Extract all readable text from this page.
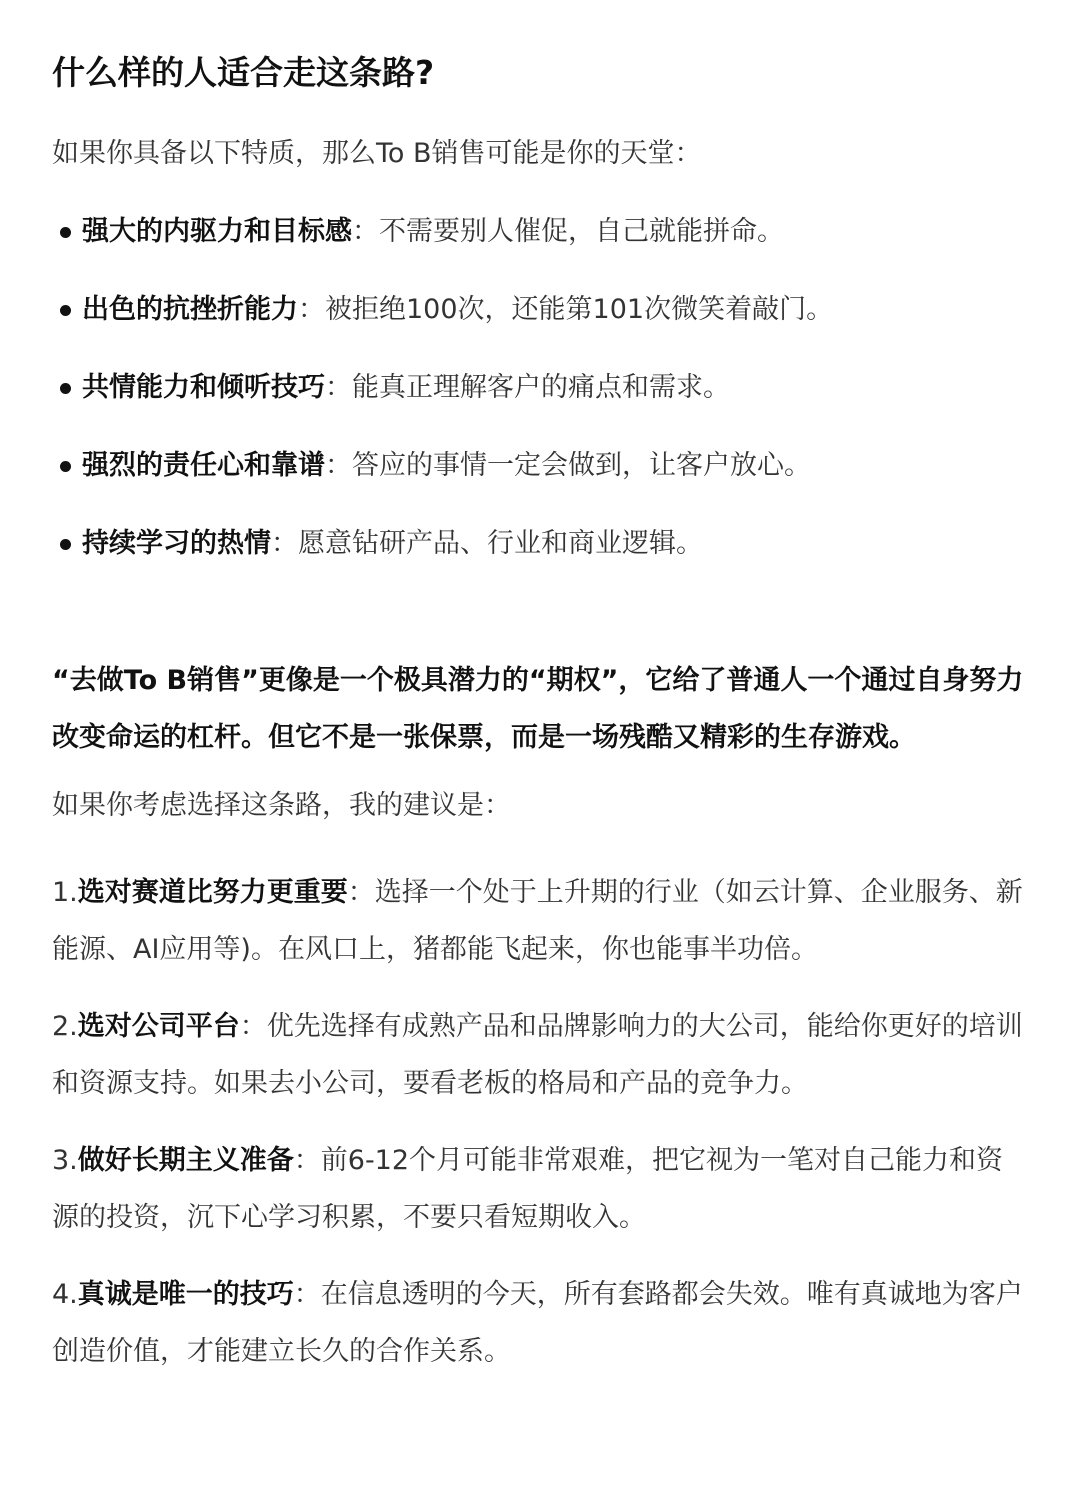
什么样的人适合走这条路?

如果你具备以下特质，那么To B销售可能是你的天堂：

强大的内驱力和目标感：不需要别人催促，自己就能拼命。
出色的抗挫折能力：被拒绝100次，还能第101次微笑着敲门。
共情能力和倾听技巧：能真正理解客户的痛点和需求。
强烈的责任心和靠谱：答应的事情一定会做到，让客户放心。
持续学习的热情：愿意钻研产品、行业和商业逻辑。

“去做To B销售”更像是一个极具潜力的“期权”，它给了普通人一个通过自身努力改变命运的杠杆。但它不是一张保票，而是一场残酷又精彩的生存游戏。

如果你考虑选择这条路，我的建议是：

1.选对赛道比努力更重要：选择一个处于上升期的行业（如云计算、企业服务、新能源、AI应用等)。在风口上，猪都能飞起来，你也能事半功倍。
2.选对公司平台：优先选择有成熟产品和品牌影响力的大公司，能给你更好的培训和资源支持。如果去小公司，要看老板的格局和产品的竞争力。
3.做好长期主义准备：前6-12个月可能非常艰难，把它视为一笔对自己能力和资源的投资，沉下心学习积累，不要只看短期收入。
4.真诚是唯一的技巧：在信息透明的今天，所有套路都会失效。唯有真诚地为客户创造价值，才能建立长久的合作关系。
